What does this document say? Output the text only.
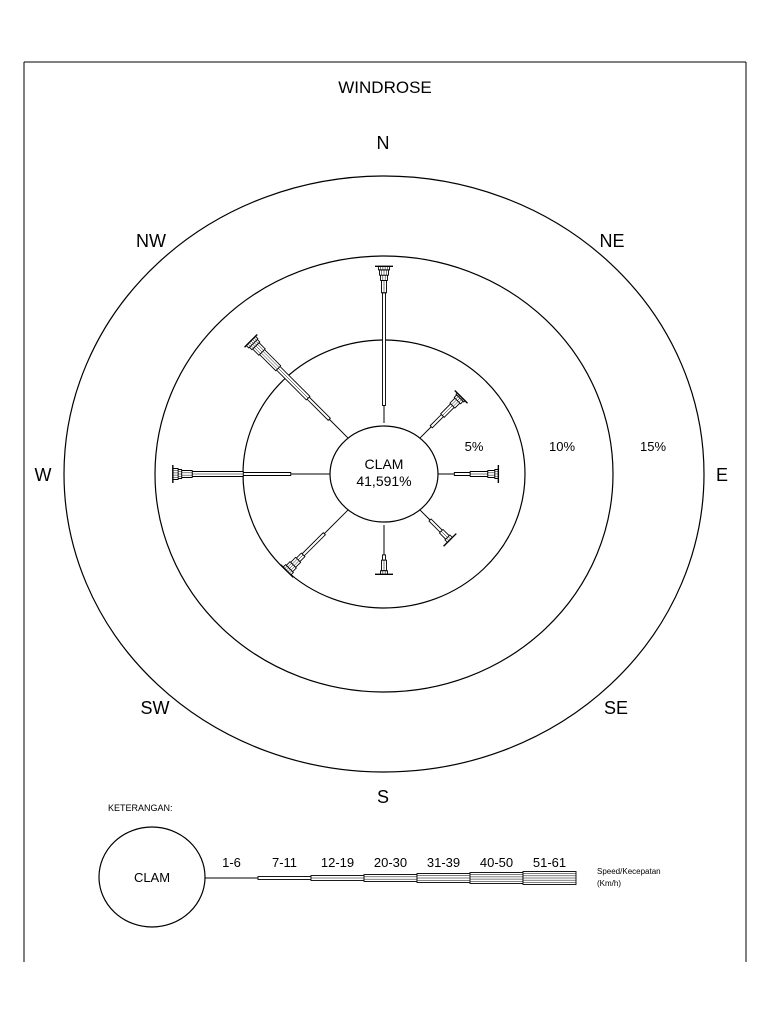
WINDROSE
CLAM
41,591%
5%	10%	15%
N
NE
E
SE
S
SW
W
NW
KETERANGAN:
CLAM
1-6 7-11 12-19 20-30 31-39 40-50 51-61
Speed/Kecepatan
(Km/h)
